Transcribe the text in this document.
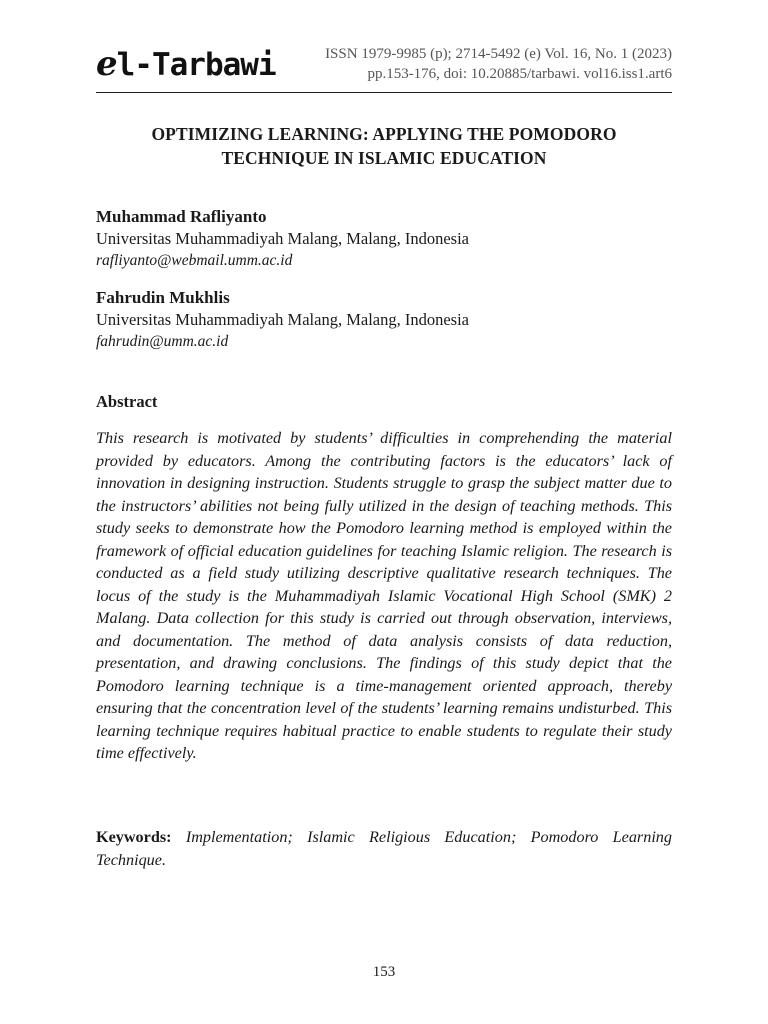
el-Tarbawi	ISSN 1979-9985 (p); 2714-5492 (e) Vol. 16, No. 1 (2023)
pp.153-176, doi: 10.20885/tarbawi. vol16.iss1.art6
OPTIMIZING LEARNING: APPLYING THE POMODORO
TECHNIQUE IN ISLAMIC EDUCATION
Muhammad Rafliyanto
Universitas Muhammadiyah Malang, Malang, Indonesia
rafliyanto@webmail.umm.ac.id
Fahrudin Mukhlis
Universitas Muhammadiyah Malang, Malang, Indonesia
fahrudin@umm.ac.id
Abstract

This research is motivated by students’ difficulties in comprehending the material provided by educators. Among the contributing factors is the educators’ lack of innovation in designing instruction. Students struggle to grasp the subject matter due to the instructors’ abilities not being fully utilized in the design of teaching methods. This study seeks to demonstrate how the Pomodoro learning method is employed within the framework of official education guidelines for teaching Islamic religion. The research is conducted as a field study utilizing descriptive qualitative research techniques. The locus of the study is the Muhammadiyah Islamic Vocational High School (SMK) 2 Malang. Data collection for this study is carried out through observation, interviews, and documentation. The method of data analysis consists of data reduction, presentation, and drawing conclusions. The findings of this study depict that the Pomodoro learning technique is a time-management oriented approach, thereby ensuring that the concentration level of the students’ learning remains undisturbed. This learning technique requires habitual practice to enable students to regulate their study time effectively.

Keywords: Implementation; Islamic Religious Education; Pomodoro Learning Technique.

153
